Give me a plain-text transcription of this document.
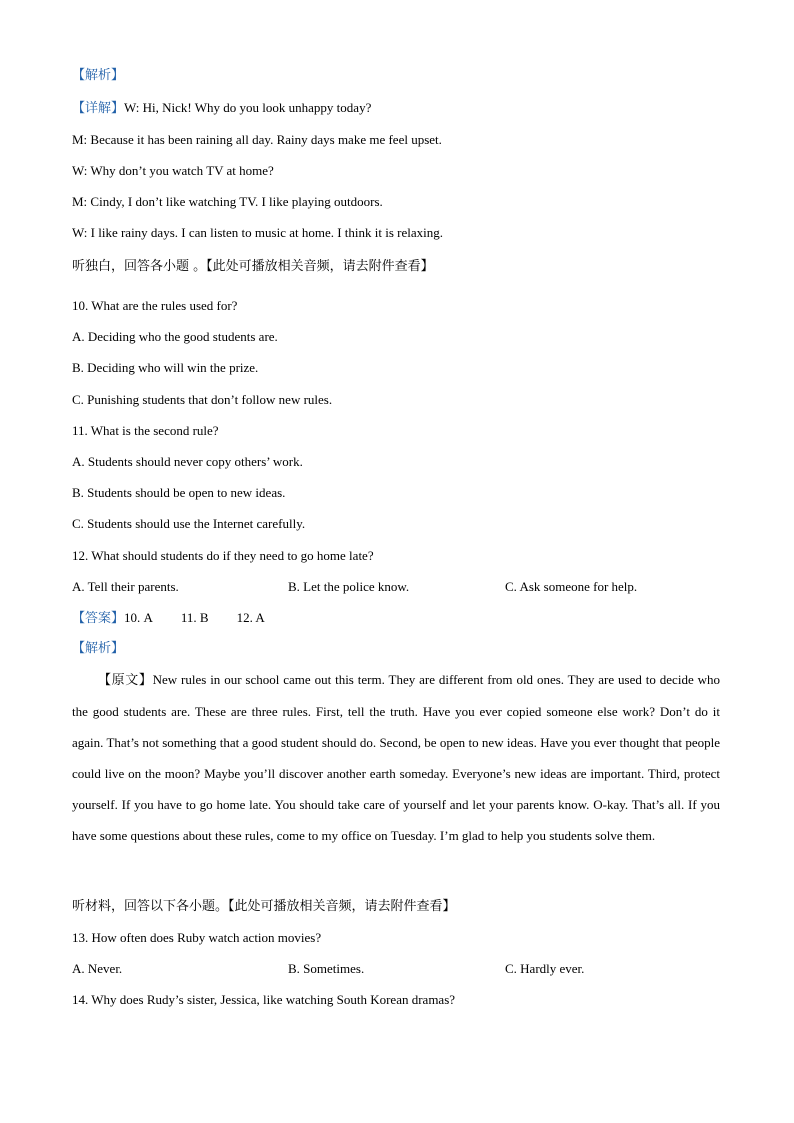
【解析】
【详解】W: Hi, Nick! Why do you look unhappy today?
M: Because it has been raining all day. Rainy days make me feel upset.
W: Why don’t you watch TV at home?
M: Cindy, I don’t like watching TV. I like playing outdoors.
W: I like rainy days. I can listen to music at home. I think it is relaxing.
听独白，回答各小题 。【此处可播放相关音频，请去附件查看】
10. What are the rules used for?
A. Deciding who the good students are.
B. Deciding who will win the prize.
C. Punishing students that don’t follow new rules.
11. What is the second rule?
A. Students should never copy others’ work.
B. Students should be open to new ideas.
C. Students should use the Internet carefully.
12. What should students do if they need to go home late?
A. Tell their parents.	B. Let the police know.	C. Ask someone for help.
【答案】10. A 11. B 12. A
【解析】
【原文】New rules in our school came out this term. They are different from old ones. They are used to decide who the good students are. These are three rules. First, tell the truth. Have you ever copied someone else work? Don’t do it again. That’s not something that a good student should do. Second, be open to new ideas. Have you ever thought that people could live on the moon? Maybe you’ll discover another earth someday. Everyone’s new ideas are important. Third, protect yourself. If you have to go home late. You should take care of yourself and let your parents know. O-kay. That’s all. If you have some questions about these rules, come to my office on Tuesday. I’m glad to help you students solve them.
听材料，回答以下各小题。【此处可播放相关音频，请去附件查看】
13. How often does Ruby watch action movies?
A. Never.	B. Sometimes.	C. Hardly ever.
14. Why does Rudy’s sister, Jessica, like watching South Korean dramas?
